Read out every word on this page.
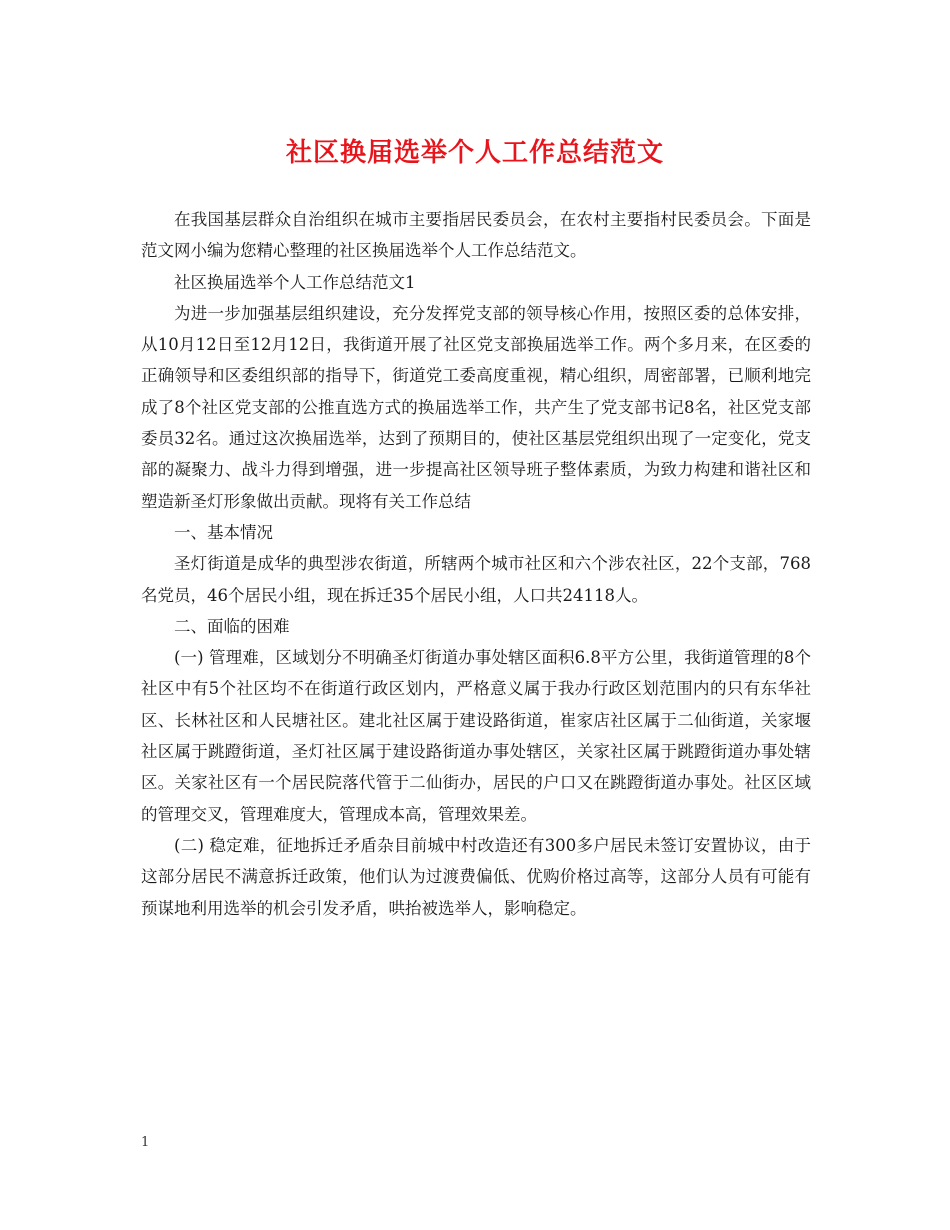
社区换届选举个人工作总结范文

在我国基层群众自治组织在城市主要指居民委员会，在农村主要指村民委员会。下面是范文网小编为您精心整理的社区换届选举个人工作总结范文。

社区换届选举个人工作总结范文1

为进一步加强基层组织建设，充分发挥党支部的领导核心作用，按照区委的总体安排，从10月12日至12月12日，我街道开展了社区党支部换届选举工作。两个多月来，在区委的正确领导和区委组织部的指导下，街道党工委高度重视，精心组织，周密部署，已顺利地完成了8个社区党支部的公推直选方式的换届选举工作，共产生了党支部书记8名，社区党支部委员32名。通过这次换届选举，达到了预期目的，使社区基层党组织出现了一定变化，党支部的凝聚力、战斗力得到增强，进一步提高社区领导班子整体素质，为致力构建和谐社区和塑造新圣灯形象做出贡献。现将有关工作总结

一、基本情况

圣灯街道是成华的典型涉农街道，所辖两个城市社区和六个涉农社区，22个支部，768名党员，46个居民小组，现在拆迁35个居民小组，人口共24118人。

二、面临的困难

(一) 管理难，区域划分不明确圣灯街道办事处辖区面积6.8平方公里，我街道管理的8个社区中有5个社区均不在街道行政区划内，严格意义属于我办行政区划范围内的只有东华社区、长林社区和人民塘社区。建北社区属于建设路街道，崔家店社区属于二仙街道，关家堰社区属于跳蹬街道，圣灯社区属于建设路街道办事处辖区，关家社区属于跳蹬街道办事处辖区。关家社区有一个居民院落代管于二仙街办，居民的户口又在跳蹬街道办事处。社区区域的管理交叉，管理难度大，管理成本高，管理效果差。

(二) 稳定难，征地拆迁矛盾杂目前城中村改造还有300多户居民未签订安置协议，由于这部分居民不满意拆迁政策，他们认为过渡费偏低、优购价格过高等，这部分人员有可能有预谋地利用选举的机会引发矛盾，哄抬被选举人，影响稳定。

1
